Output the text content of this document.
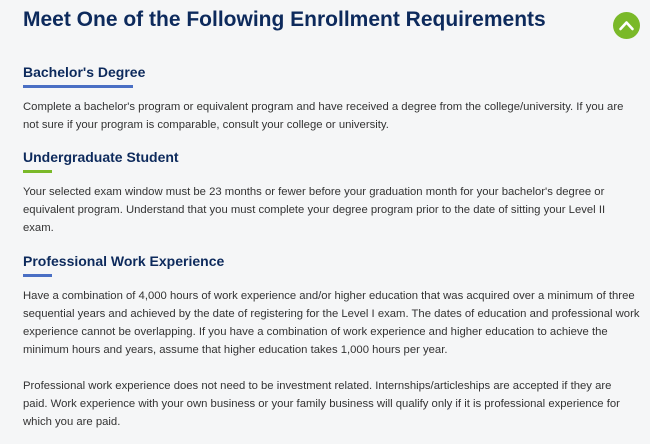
Meet One of the Following Enrollment Requirements
Bachelor's Degree

Complete a bachelor's program or equivalent program and have received a degree from the college/university. If you are
not sure if your program is comparable, consult your college or university.

Undergraduate Student

Your selected exam window must be 23 months or fewer before your graduation month for your bachelor's degree or
equivalent program. Understand that you must complete your degree program prior to the date of sitting your Level II
exam.

Professional Work Experience

Have a combination of 4,000 hours of work experience and/or higher education that was acquired over a minimum of three
sequential years and achieved by the date of registering for the Level I exam. The dates of education and professional work
experience cannot be overlapping. If you have a combination of work experience and higher education to achieve the
minimum hours and years, assume that higher education takes 1,000 hours per year.

Professional work experience does not need to be investment related. Internships/articleships are accepted if they are
paid. Work experience with your own business or your family business will qualify only if it is professional experience for
which you are paid.
